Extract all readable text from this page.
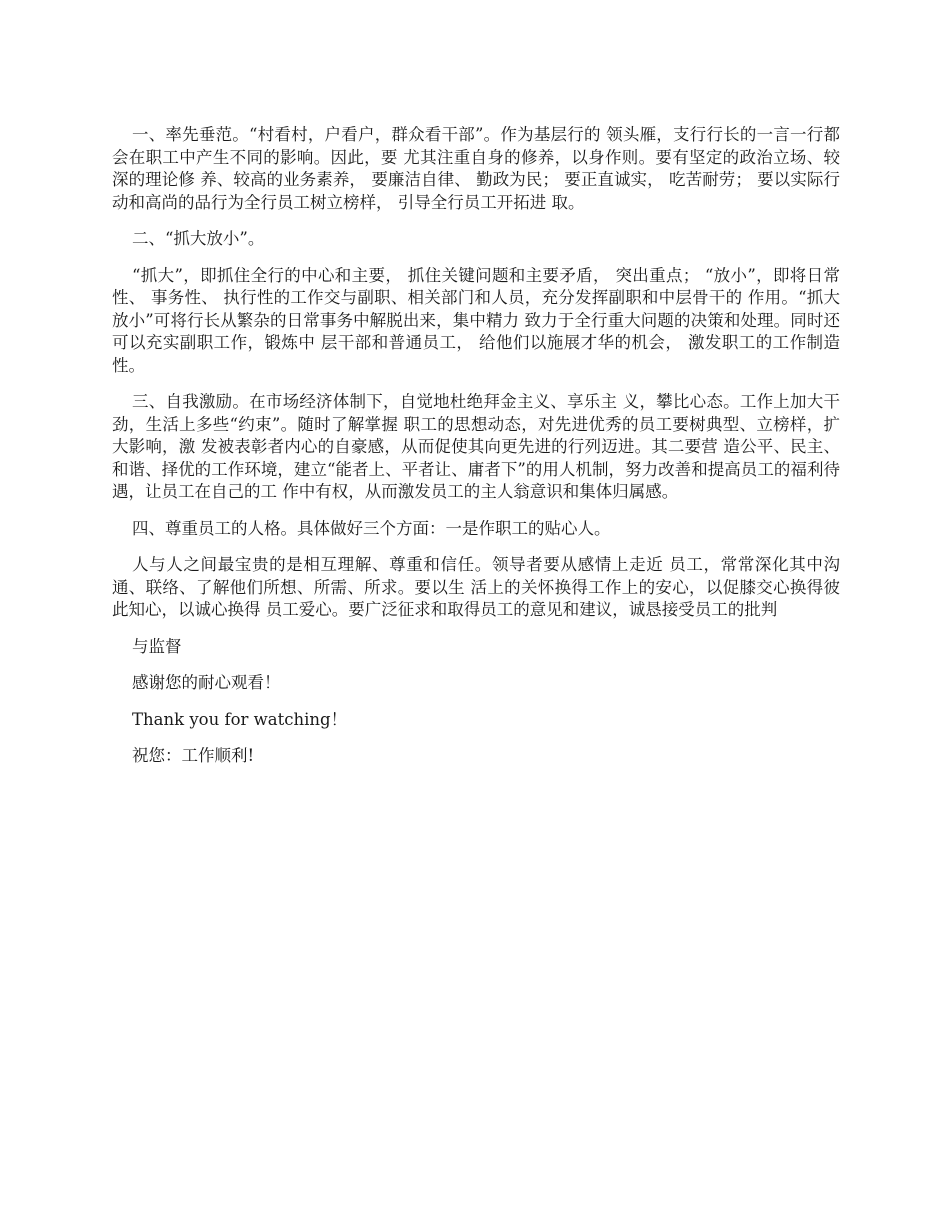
一、率先垂范。“村看村，户看户，群众看干部”。作为基层行的 领头雁，支行行长的一言一行都会在职工中产生不同的影响。因此，要 尤其注重自身的修养，以身作则。要有坚定的政治立场、较深的理论修 养、较高的业务素养， 要廉洁自律、 勤政为民； 要正直诚实， 吃苦耐劳； 要以实际行动和高尚的品行为全行员工树立榜样， 引导全行员工开拓进 取。

二、“抓大放小”。

“抓大”，即抓住全行的中心和主要， 抓住关键问题和主要矛盾， 突出重点； “放小”，即将日常性、 事务性、 执行性的工作交与副职、相关部门和人员，充分发挥副职和中层骨干的 作用。“抓大放小”可将行长从繁杂的日常事务中解脱出来，集中精力 致力于全行重大问题的决策和处理。同时还可以充实副职工作，锻炼中 层干部和普通员工， 给他们以施展才华的机会， 激发职工的工作制造性。

三、自我激励。在市场经济体制下，自觉地杜绝拜金主义、享乐主 义，攀比心态。工作上加大干劲，生活上多些“约束”。随时了解掌握 职工的思想动态，对先进优秀的员工要树典型、立榜样，扩大影响，激 发被表彰者内心的自豪感，从而促使其向更先进的行列迈进。其二要营 造公平、民主、和谐、择优的工作环境，建立“能者上、平者让、庸者下”的用人机制，努力改善和提高员工的福利待遇，让员工在自己的工 作中有权，从而激发员工的主人翁意识和集体归属感。

四、尊重员工的人格。具体做好三个方面：一是作职工的贴心人。

人与人之间最宝贵的是相互理解、尊重和信任。领导者要从感情上走近 员工，常常深化其中沟通、联络、了解他们所想、所需、所求。要以生 活上的关怀换得工作上的安心，以促膝交心换得彼此知心，以诚心换得 员工爱心。要广泛征求和取得员工的意见和建议，诚恳接受员工的批判

与监督

感谢您的耐心观看！

Thank you for watching！

祝您：工作顺利!
